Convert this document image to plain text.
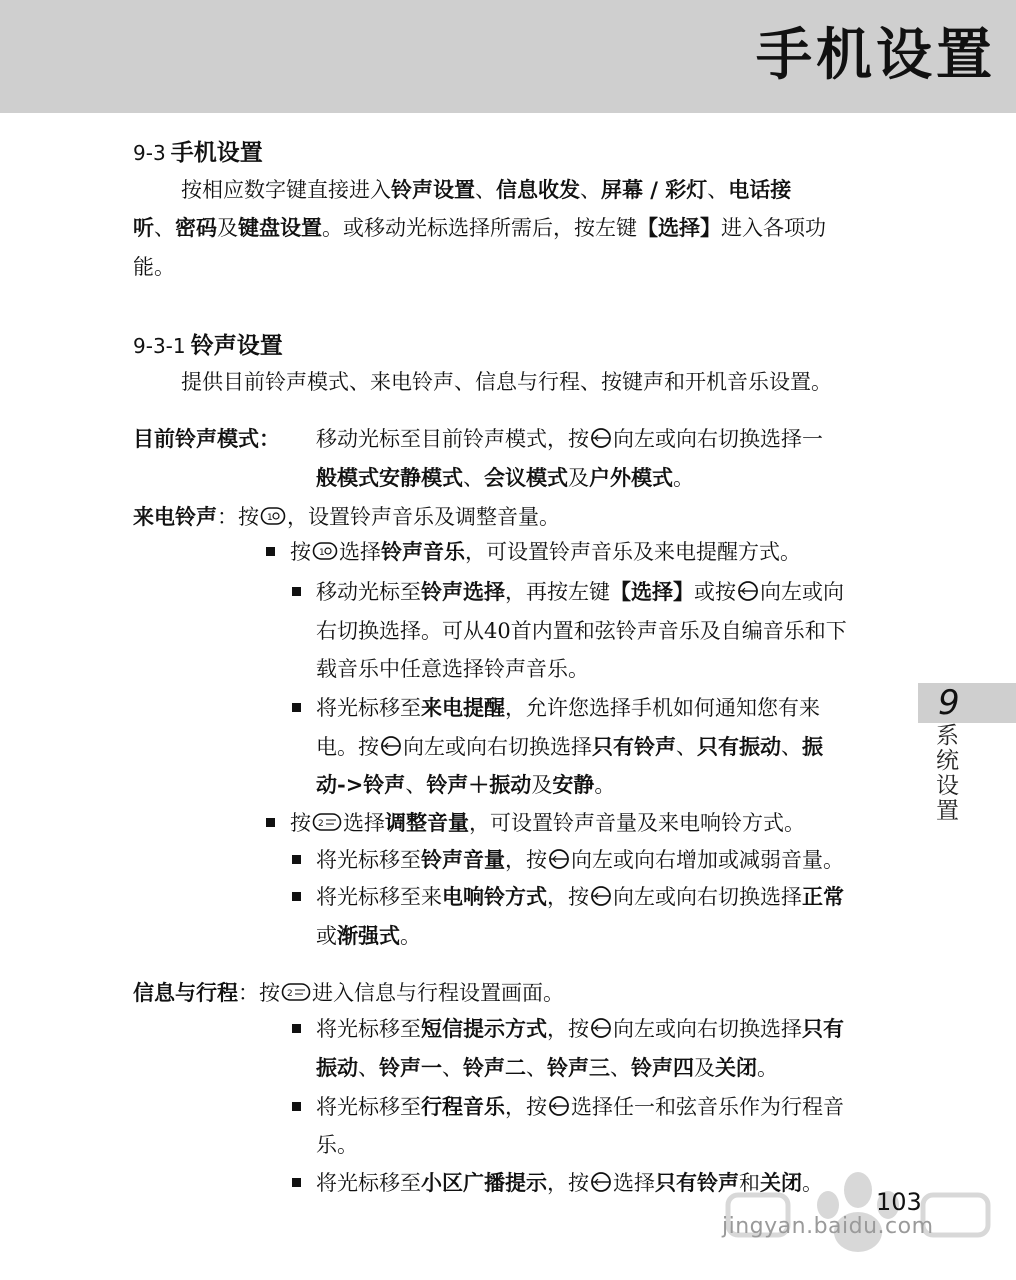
手机设置
9
系统设置
9-3 手机设置
按相应数字键直接进入铃声设置、信息收发、屏幕 / 彩灯、电话接
听、密码及键盘设置。或移动光标选择所需后，按左键【选择】进入各项功
能。
9-3-1 铃声设置
提供目前铃声模式、来电铃声、信息与行程、按键声和开机音乐设置。
目前铃声模式： 移动光标至目前铃声模式，按 向左或向右切换选择一
般模式安静模式、会议模式及户外模式。
来电铃声：按 1 ，设置铃声音乐及调整音量。
按 1 选择铃声音乐，可设置铃声音乐及来电提醒方式。
移动光标至铃声选择，再按左键【选择】或按 向左或向
右切换选择。可从40首内置和弦铃声音乐及自编音乐和下
载音乐中任意选择铃声音乐。
将光标移至来电提醒，允许您选择手机如何通知您有来
电。按 向左或向右切换选择只有铃声、只有振动、振
动->铃声、铃声＋振动及安静。
按 2 选择调整音量，可设置铃声音量及来电响铃方式。
将光标移至铃声音量，按 向左或向右增加或减弱音量。
将光标移至来电响铃方式，按 向左或向右切换选择正常
或渐强式。
信息与行程：按 2 进入信息与行程设置画面。
将光标移至短信提示方式，按 向左或向右切换选择只有
振动、铃声一、铃声二、铃声三、铃声四及关闭。
将光标移至行程音乐，按 选择任一和弦音乐作为行程音
乐。
将光标移至小区广播提示，按 选择只有铃声和关闭。
jingyan.baidu.com
103
